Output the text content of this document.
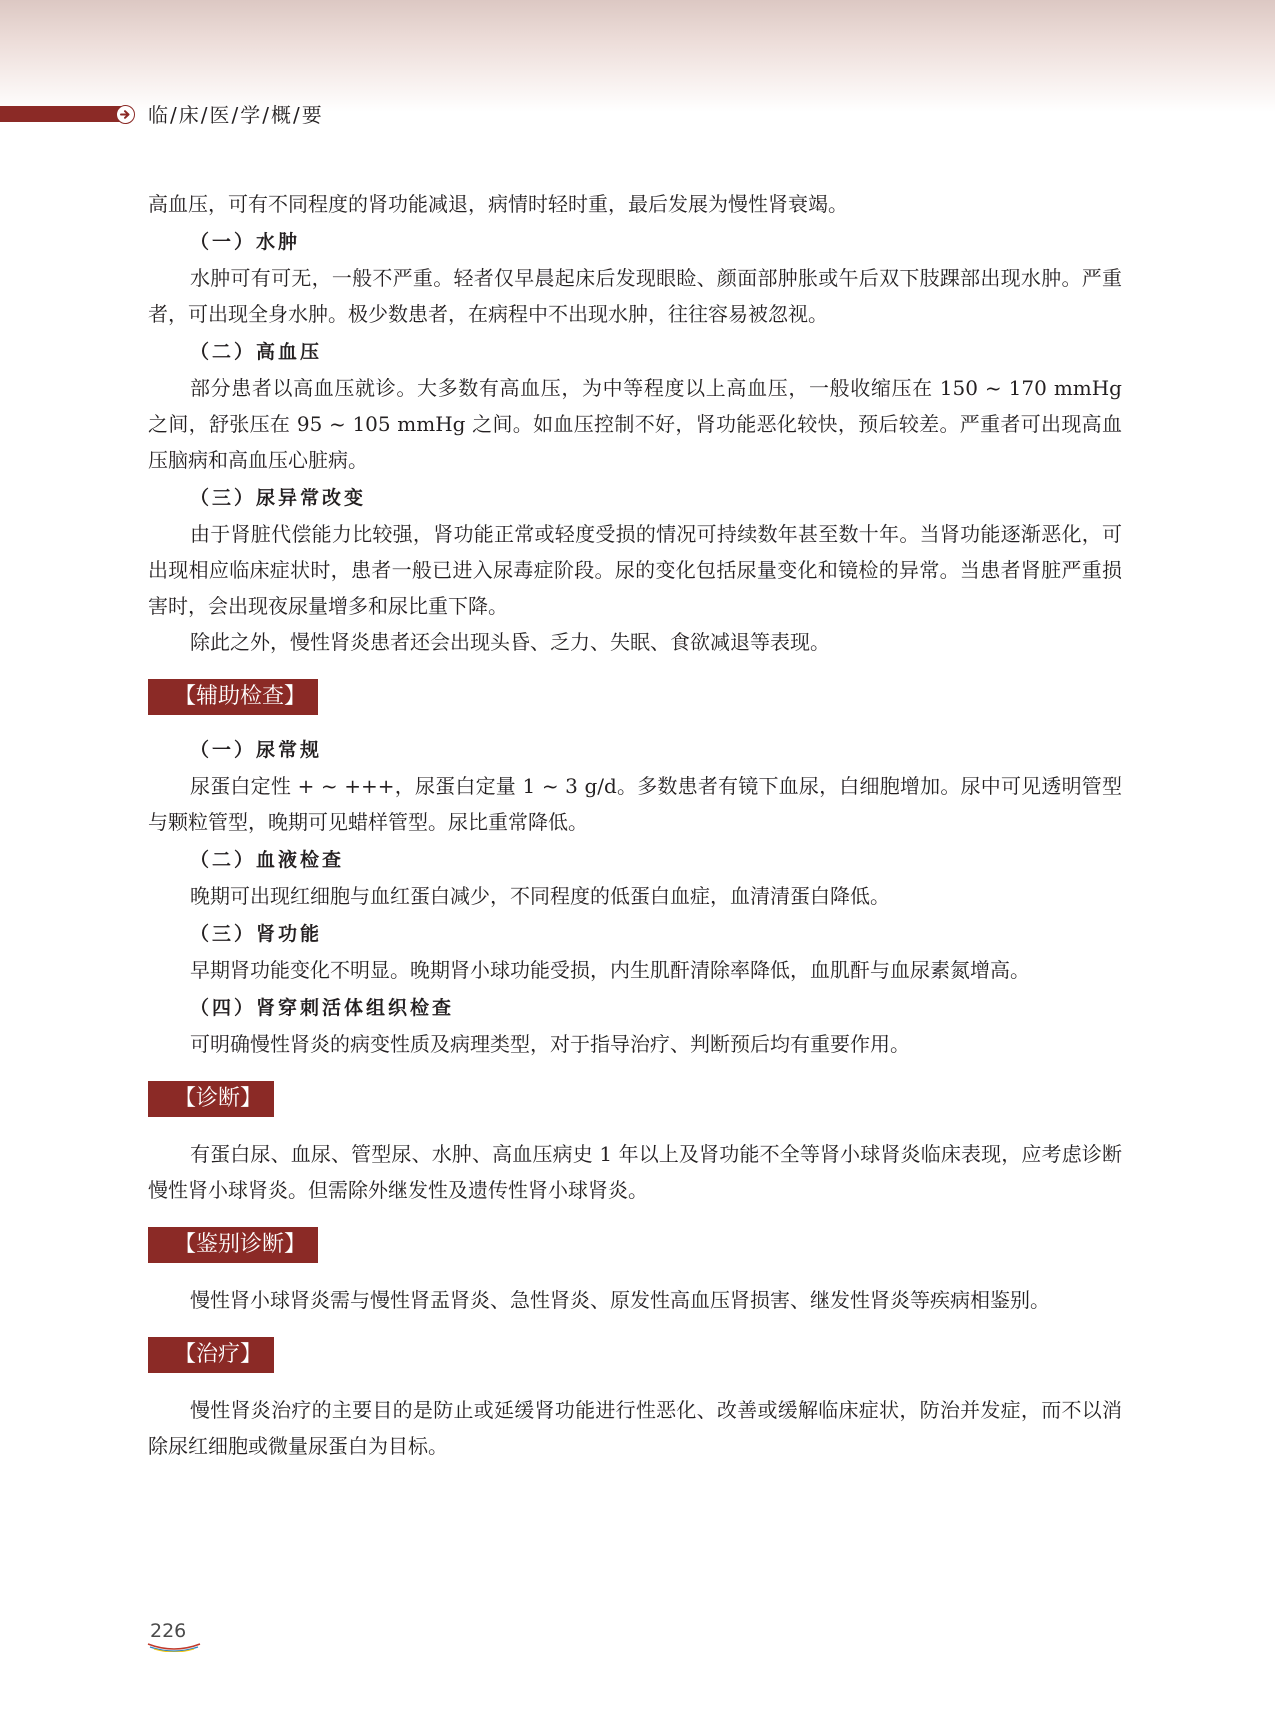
临/床/医/学/概/要

高血压，可有不同程度的肾功能减退，病情时轻时重，最后发展为慢性肾衰竭。

（一）水肿

水肿可有可无，一般不严重。轻者仅早晨起床后发现眼睑、颜面部肿胀或午后双下肢踝部出现水肿。严重者，可出现全身水肿。极少数患者，在病程中不出现水肿，往往容易被忽视。

（二）高血压

部分患者以高血压就诊。大多数有高血压，为中等程度以上高血压，一般收缩压在 150 ~ 170 mmHg 之间，舒张压在 95 ~ 105 mmHg 之间。如血压控制不好，肾功能恶化较快，预后较差。严重者可出现高血压脑病和高血压心脏病。

（三）尿异常改变

由于肾脏代偿能力比较强，肾功能正常或轻度受损的情况可持续数年甚至数十年。当肾功能逐渐恶化，可出现相应临床症状时，患者一般已进入尿毒症阶段。尿的变化包括尿量变化和镜检的异常。当患者肾脏严重损害时，会出现夜尿量增多和尿比重下降。

除此之外，慢性肾炎患者还会出现头昏、乏力、失眠、食欲减退等表现。

【辅助检查】
（一）尿常规

尿蛋白定性 + ~ +++，尿蛋白定量 1 ~ 3 g/d。多数患者有镜下血尿，白细胞增加。尿中可见透明管型与颗粒管型，晚期可见蜡样管型。尿比重常降低。

（二）血液检查

晚期可出现红细胞与血红蛋白减少，不同程度的低蛋白血症，血清清蛋白降低。

（三）肾功能

早期肾功能变化不明显。晚期肾小球功能受损，内生肌酐清除率降低，血肌酐与血尿素氮增高。

（四）肾穿刺活体组织检查

可明确慢性肾炎的病变性质及病理类型，对于指导治疗、判断预后均有重要作用。

【诊断】

有蛋白尿、血尿、管型尿、水肿、高血压病史 1 年以上及肾功能不全等肾小球肾炎临床表现，应考虑诊断慢性肾小球肾炎。但需除外继发性及遗传性肾小球肾炎。

【鉴别诊断】

慢性肾小球肾炎需与慢性肾盂肾炎、急性肾炎、原发性高血压肾损害、继发性肾炎等疾病相鉴别。

【治疗】

慢性肾炎治疗的主要目的是防止或延缓肾功能进行性恶化、改善或缓解临床症状，防治并发症，而不以消除尿红细胞或微量尿蛋白为目标。

226
